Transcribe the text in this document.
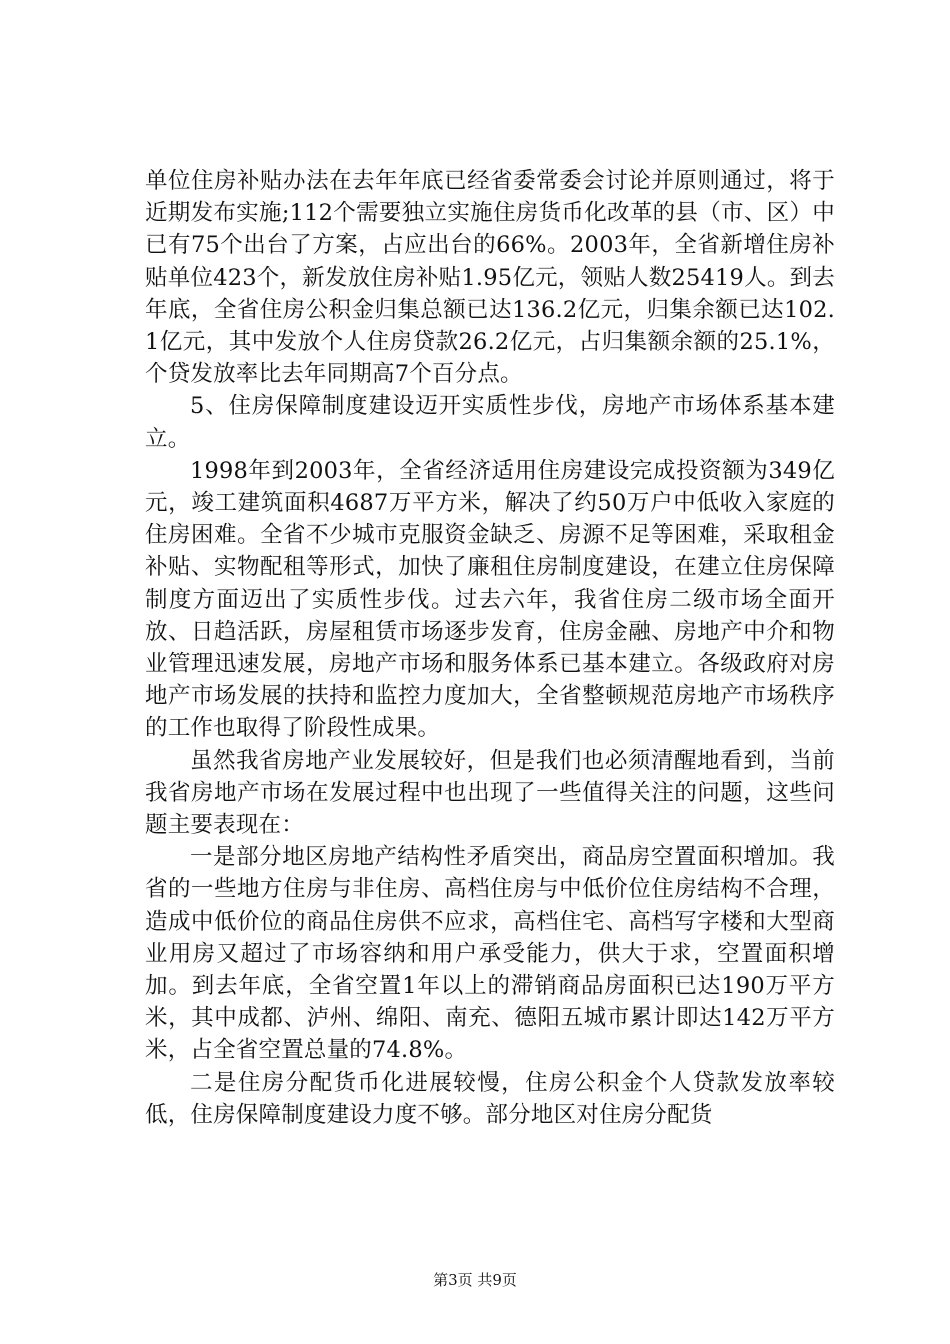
单位住房补贴办法在去年年底已经省委常委会讨论并原则通过，将于近期发布实施;112个需要独立实施住房货币化改革的县（市、区）中已有75个出台了方案，占应出台的66%。2003年，全省新增住房补贴单位423个，新发放住房补贴1.95亿元，领贴人数25419人。到去年底，全省住房公积金归集总额已达136.2亿元，归集余额已达102.1亿元，其中发放个人住房贷款26.2亿元，占归集额余额的25.1%，个贷发放率比去年同期高7个百分点。

5、住房保障制度建设迈开实质性步伐，房地产市场体系基本建立。

1998年到2003年，全省经济适用住房建设完成投资额为349亿元，竣工建筑面积4687万平方米，解决了约50万户中低收入家庭的住房困难。全省不少城市克服资金缺乏、房源不足等困难，采取租金补贴、实物配租等形式，加快了廉租住房制度建设，在建立住房保障制度方面迈出了实质性步伐。过去六年，我省住房二级市场全面开放、日趋活跃，房屋租赁市场逐步发育，住房金融、房地产中介和物业管理迅速发展，房地产市场和服务体系已基本建立。各级政府对房地产市场发展的扶持和监控力度加大，全省整顿规范房地产市场秩序的工作也取得了阶段性成果。

虽然我省房地产业发展较好，但是我们也必须清醒地看到，当前我省房地产市场在发展过程中也出现了一些值得关注的问题，这些问题主要表现在：

一是部分地区房地产结构性矛盾突出，商品房空置面积增加。我省的一些地方住房与非住房、高档住房与中低价位住房结构不合理，造成中低价位的商品住房供不应求，高档住宅、高档写字楼和大型商业用房又超过了市场容纳和用户承受能力，供大于求，空置面积增加。到去年底，全省空置1年以上的滞销商品房面积已达190万平方米，其中成都、泸州、绵阳、南充、德阳五城市累计即达142万平方米，占全省空置总量的74.8%。

二是住房分配货币化进展较慢，住房公积金个人贷款发放率较低，住房保障制度建设力度不够。部分地区对住房分配货

第3页 共9页
